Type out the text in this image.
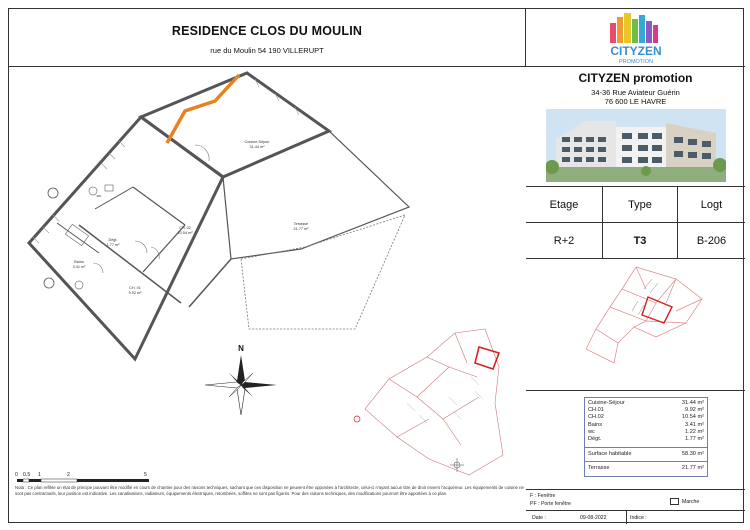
RESIDENCE CLOS DU MOULIN
rue du Moulin 54 190 VILLERUPT	CITYZEN
PROMOTION
CITYZEN promotion
34-36 Rue Aviateur Guérin
76 600 LE HAVRE
Etage	Type	Logt
R+2	T3	B-206
Cuisine-Séjour	31.44 m²
CH.01	9.92 m²
CH.02	10.54 m²
Bains	3.41 m²
wc	1.22 m²
Dégt.	1.77 m²
Surface habitable	58.30 m²
Terrasse	21.77 m²
F : Fenêtre
PF : Porte fenêtre	Marche
Date :	09-08-2022	Indice :
Cuisine-Séjour
31.44 m²
Terrasse
21.77 m²
CH. 02
10.54 m²
CH. 01
9.92 m²
Dégt.
1.77 m²
Bains
3.41 m²
wc
N
0 0.5 1	2	5
Nota : Ce plan reflète un état de principe pouvant être modifié en cours de chantier pour des raisons techniques, sachant que ces disposition ne peuvent être opposées à l'architecte, celui-ci n'ayant aucun titre de droit envers l'acquéreur. Les équipements de cuisine ne sont pas contractuels, leur position est indicative. Les canalisations, radiateurs, équipements électriques, retombées, soffites ne sont pas figurés. Pour des raisons techniques, des modifications pourront être apportées à ce plan.
